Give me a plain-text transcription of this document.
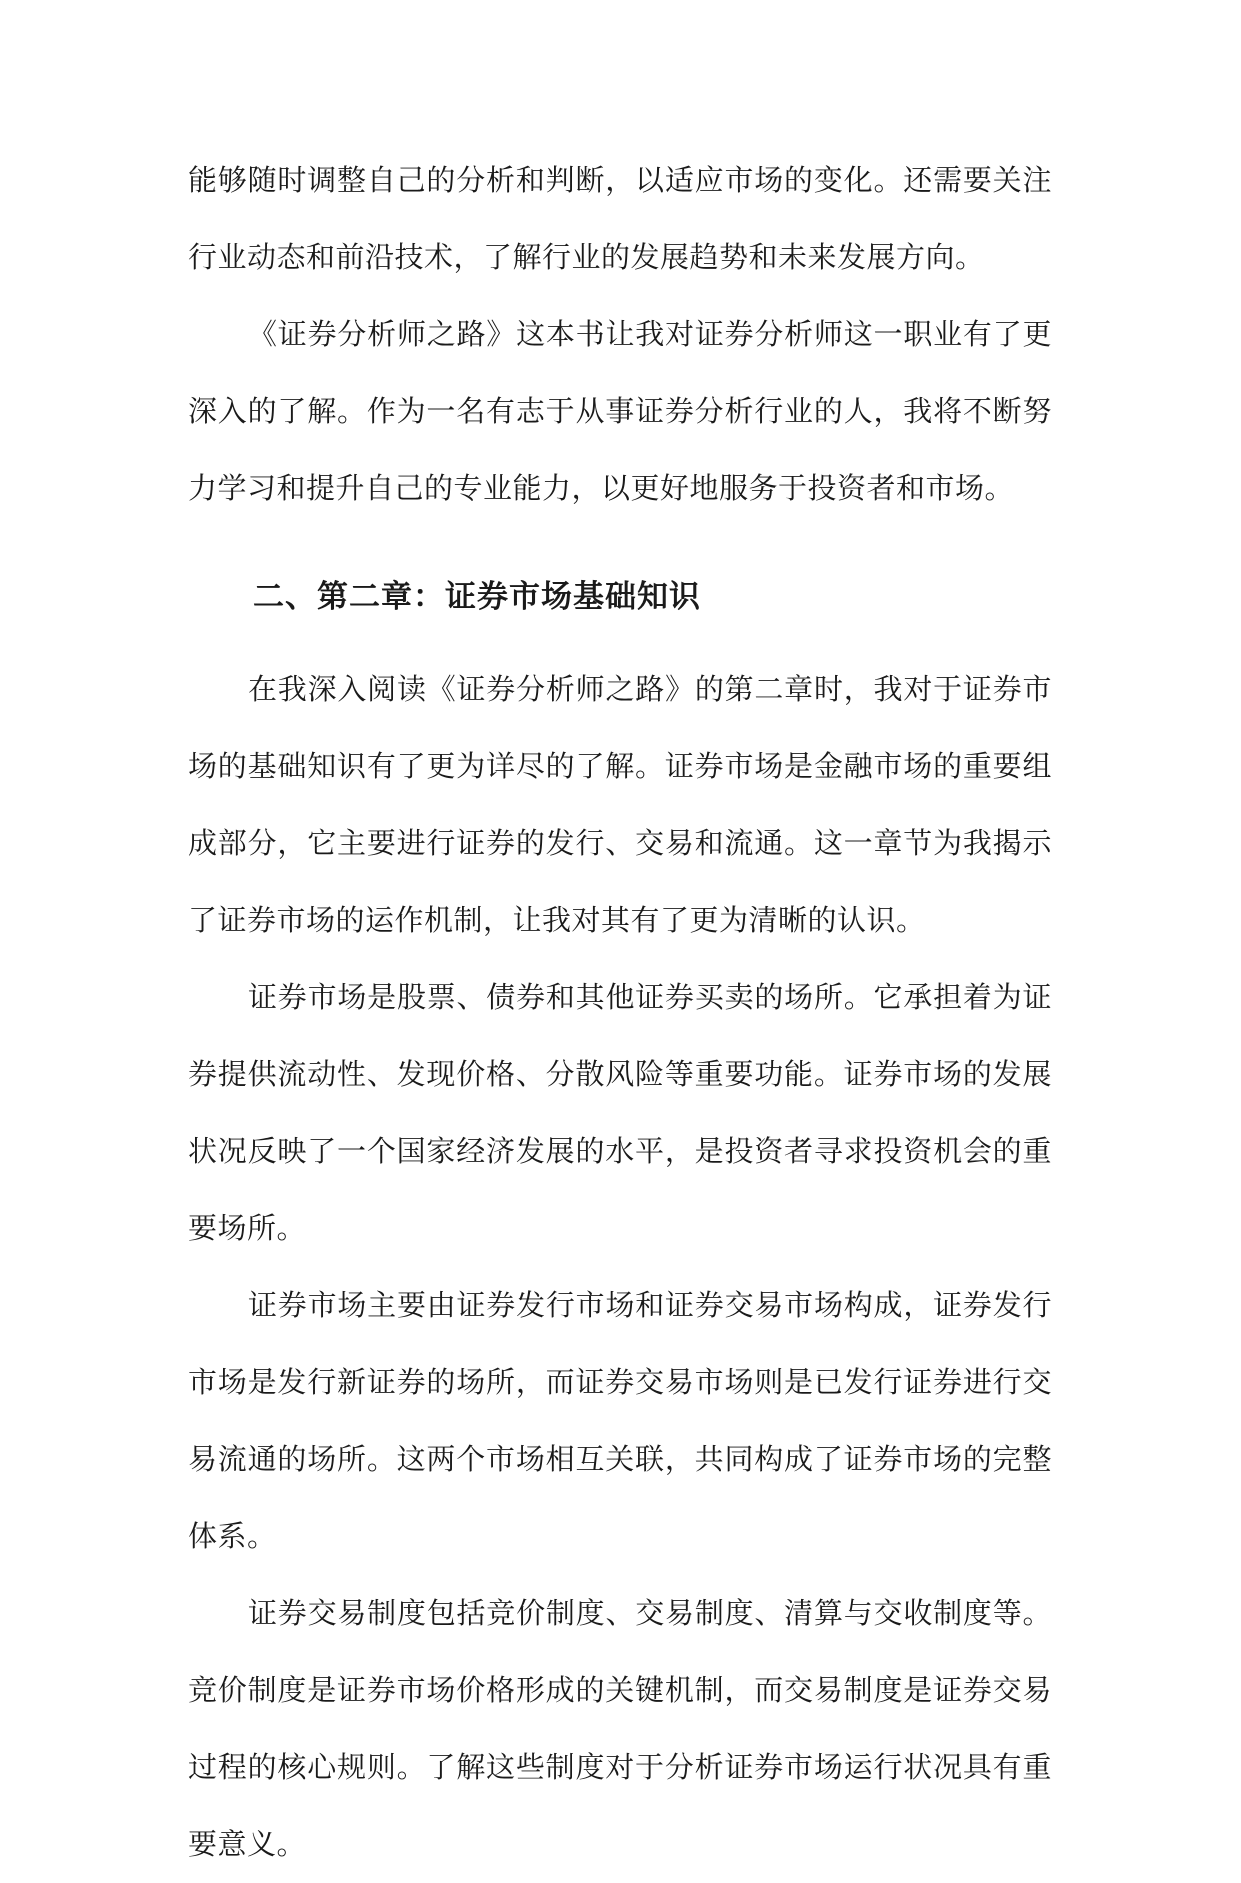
能够随时调整自己的分析和判断，以适应市场的变化。还需要关注行业动态和前沿技术，了解行业的发展趋势和未来发展方向。

《证券分析师之路》这本书让我对证券分析师这一职业有了更深入的了解。作为一名有志于从事证券分析行业的人，我将不断努力学习和提升自己的专业能力，以更好地服务于投资者和市场。

二、第二章：证券市场基础知识

在我深入阅读《证券分析师之路》的第二章时，我对于证券市场的基础知识有了更为详尽的了解。证券市场是金融市场的重要组成部分，它主要进行证券的发行、交易和流通。这一章节为我揭示了证券市场的运作机制，让我对其有了更为清晰的认识。

证券市场是股票、债券和其他证券买卖的场所。它承担着为证券提供流动性、发现价格、分散风险等重要功能。证券市场的发展状况反映了一个国家经济发展的水平，是投资者寻求投资机会的重要场所。

证券市场主要由证券发行市场和证券交易市场构成，证券发行市场是发行新证券的场所，而证券交易市场则是已发行证券进行交易流通的场所。这两个市场相互关联，共同构成了证券市场的完整体系。

证券交易制度包括竞价制度、交易制度、清算与交收制度等。竞价制度是证券市场价格形成的关键机制，而交易制度是证券交易过程的核心规则。了解这些制度对于分析证券市场运行状况具有重要意义。
